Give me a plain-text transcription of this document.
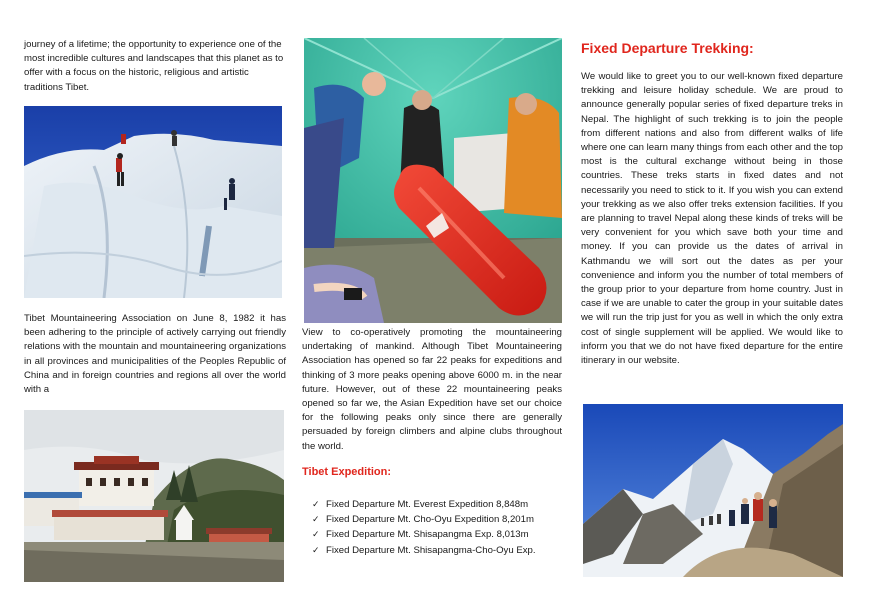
journey of a lifetime; the opportunity to experience one of the most incredible cultures and landscapes that this planet as to offer with a focus on the historic, religious and artistic traditions Tibet.

Tibet Mountaineering Association on June 8, 1982 it has been adhering to the principle of actively carrying out friendly relations with the mountain and mountaineering organizations in all provinces and municipalities of the Peoples Republic of China and in foreign countries and regions all over the world with a

View to co-operatively promoting the mountaineering undertaking of mankind. Although Tibet Mountaineering Association has opened so far 22 peaks for expeditions and thinking of 3 more peaks opening above 6000 m. in the near future. However, out of these 22 mountaineering peaks opened so far we, the Asian Expedition have set our choice for the following peaks only since there are generally persuaded by foreign climbers and alpine clubs throughout the world.

Tibet Expedition:
✓ Fixed Departure Mt. Everest Expedition 8,848m
✓ Fixed Departure Mt. Cho-Oyu Expedition 8,201m
✓ Fixed Departure Mt. Shisapangma Exp. 8,013m
✓ Fixed Departure Mt. Shisapangma-Cho-Oyu Exp.
Fixed Departure Trekking:

We would like to greet you to our well-known fixed departure trekking and leisure holiday schedule. We are proud to announce generally popular series of fixed departure treks in Nepal. The highlight of such trekking is to join the people from different nations and also from different walks of life where one can learn many things from each other and the top most is the cultural exchange without being in those countries. These treks starts in fixed dates and not necessarily you need to stick to it. If you wish you can extend your trekking as we also offer treks extension facilities. If you are planning to travel Nepal along these kinds of treks will be very convenient for you which save both your time and money. If you can provide us the dates of arrival in Kathmandu we will sort out the dates as per your convenience and inform you the number of total members of the group prior to your departure from home country. Just in case if we are unable to cater the group in your suitable dates we will run the trip just for you as well in which the only extra cost of single supplement will be applied. We would like to inform you that we do not have fixed departure for the entire itinerary in our website.
